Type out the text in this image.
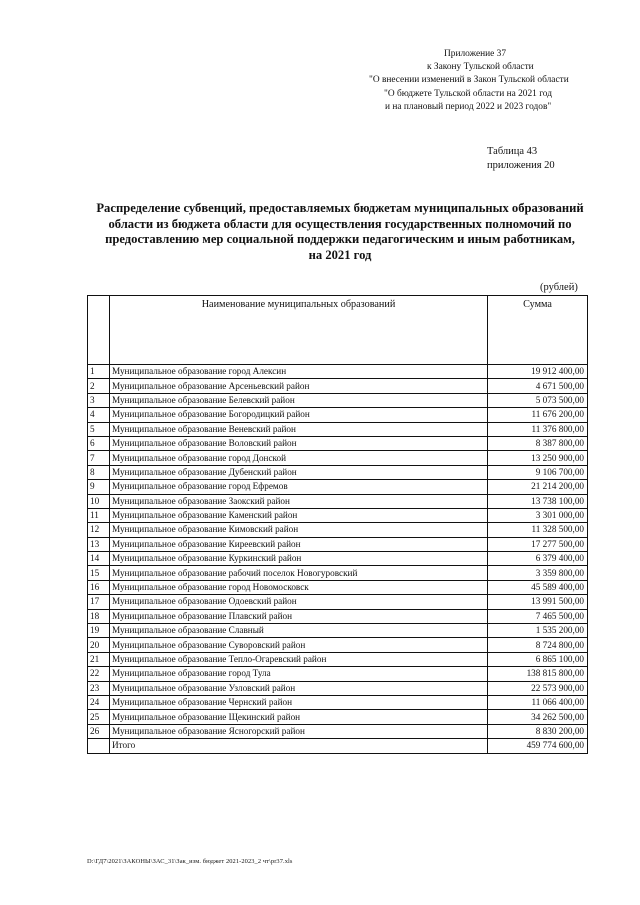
Приложение 37
к Закону Тульской области
"О внесении изменений в Закон Тульской области
"О бюджете Тульской области на 2021 год
и на плановый период 2022 и 2023 годов"
Таблица 43
приложения 20
Распределение субвенций, предоставляемых бюджетам муниципальных образований
области из бюджета области для осуществления государственных полномочий по
предоставлению мер социальной поддержки педагогическим и иным работникам,
на 2021 год
(рублей)
	Наименование муниципальных образований	Сумма
1	Муниципальное образование город Алексин	19 912 400,00
2	Муниципальное образование Арсеньевский район	4 671 500,00
3	Муниципальное образование Белевский район	5 073 500,00
4	Муниципальное образование Богородицкий район	11 676 200,00
5	Муниципальное образование Веневский район	11 376 800,00
6	Муниципальное образование Воловский район	8 387 800,00
7	Муниципальное образование город Донской	13 250 900,00
8	Муниципальное образование Дубенский район	9 106 700,00
9	Муниципальное образование город Ефремов	21 214 200,00
10	Муниципальное образование Заокский район	13 738 100,00
11	Муниципальное образование Каменский район	3 301 000,00
12	Муниципальное образование Кимовский район	11 328 500,00
13	Муниципальное образование Киреевский район	17 277 500,00
14	Муниципальное образование Куркинский район	6 379 400,00
15	Муниципальное образование рабочий поселок Новогуровский	3 359 800,00
16	Муниципальное образование город Новомосковск	45 589 400,00
17	Муниципальное образование Одоевский район	13 991 500,00
18	Муниципальное образование Плавский район	7 465 500,00
19	Муниципальное образование Славный	1 535 200,00
20	Муниципальное образование Суворовский район	8 724 800,00
21	Муниципальное образование Тепло-Огаревский район	6 865 100,00
22	Муниципальное образование город Тула	138 815 800,00
23	Муниципальное образование Узловский район	22 573 900,00
24	Муниципальное образование Чернский район	11 066 400,00
25	Муниципальное образование Щекинский район	34 262 500,00
26	Муниципальное образование Ясногорский район	8 830 200,00
	Итого	459 774 600,00
D:\ГД7\2021\ЗАКОНЫ\ЗАС_31\Зак_изм. бюджет 2021-2023_2 чт\pr37.xls
